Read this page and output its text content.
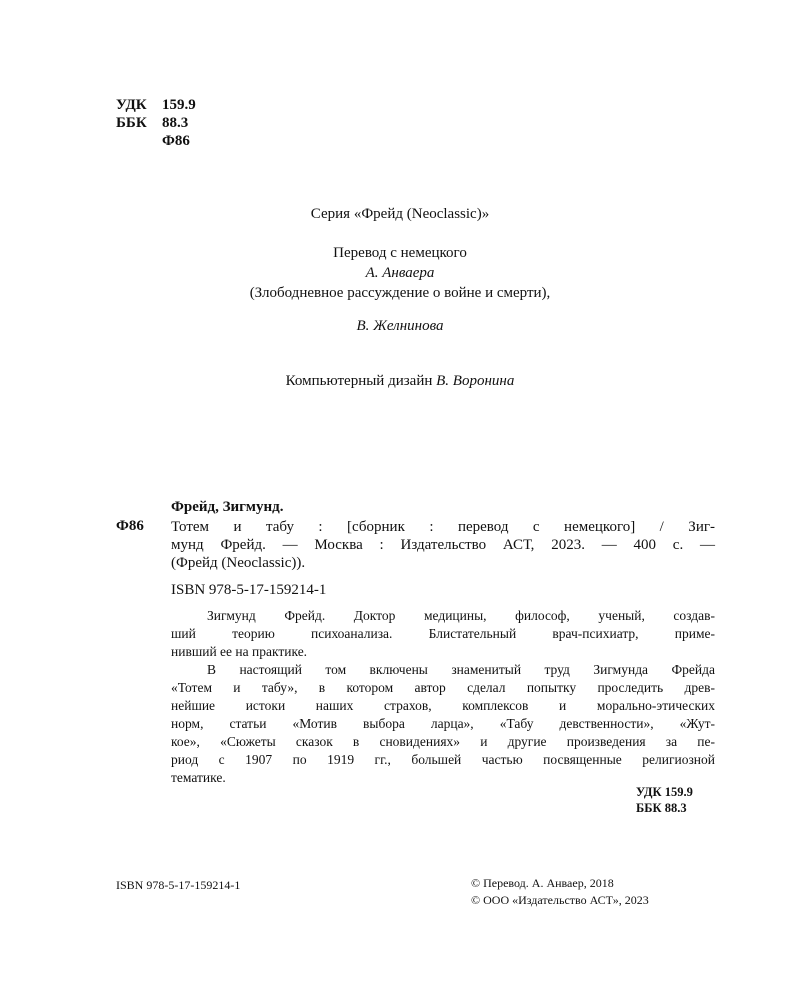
УДК 159.9
ББК 88.3
Ф86
Серия «Фрейд (Neoclassic)»
Перевод с немецкого
А. Анваера
(Злободневное рассуждение о войне и смерти),
В. Желнинова
Компьютерный дизайн В. Воронина
Фрейд, Зигмунд.
Ф86 Тотем и табу : [сборник : перевод с немецкого] / Зиг-
мунд Фрейд. — Москва : Издательство АСТ, 2023. — 400 с. —
(Фрейд (Neoclassic)).
ISBN 978-5-17-159214-1
Зигмунд Фрейд. Доктор медицины, философ, ученый, создав-
ший теорию психоанализа. Блистательный врач-психиатр, приме-
нивший ее на практике.
В настоящий том включены знаменитый труд Зигмунда Фрейда
«Тотем и табу», в котором автор сделал попытку проследить древ-
нейшие истоки наших страхов, комплексов и морально-этических
норм, статьи «Мотив выбора ларца», «Табу девственности», «Жут-
кое», «Сюжеты сказок в сновидениях» и другие произведения за пе-
риод с 1907 по 1919 гг., большей частью посвященные религиозной
тематике.
УДК 159.9
ББК 88.3
ISBN 978-5-17-159214-1	© Перевод. А. Анваер, 2018
© ООО «Издательство АСТ», 2023
